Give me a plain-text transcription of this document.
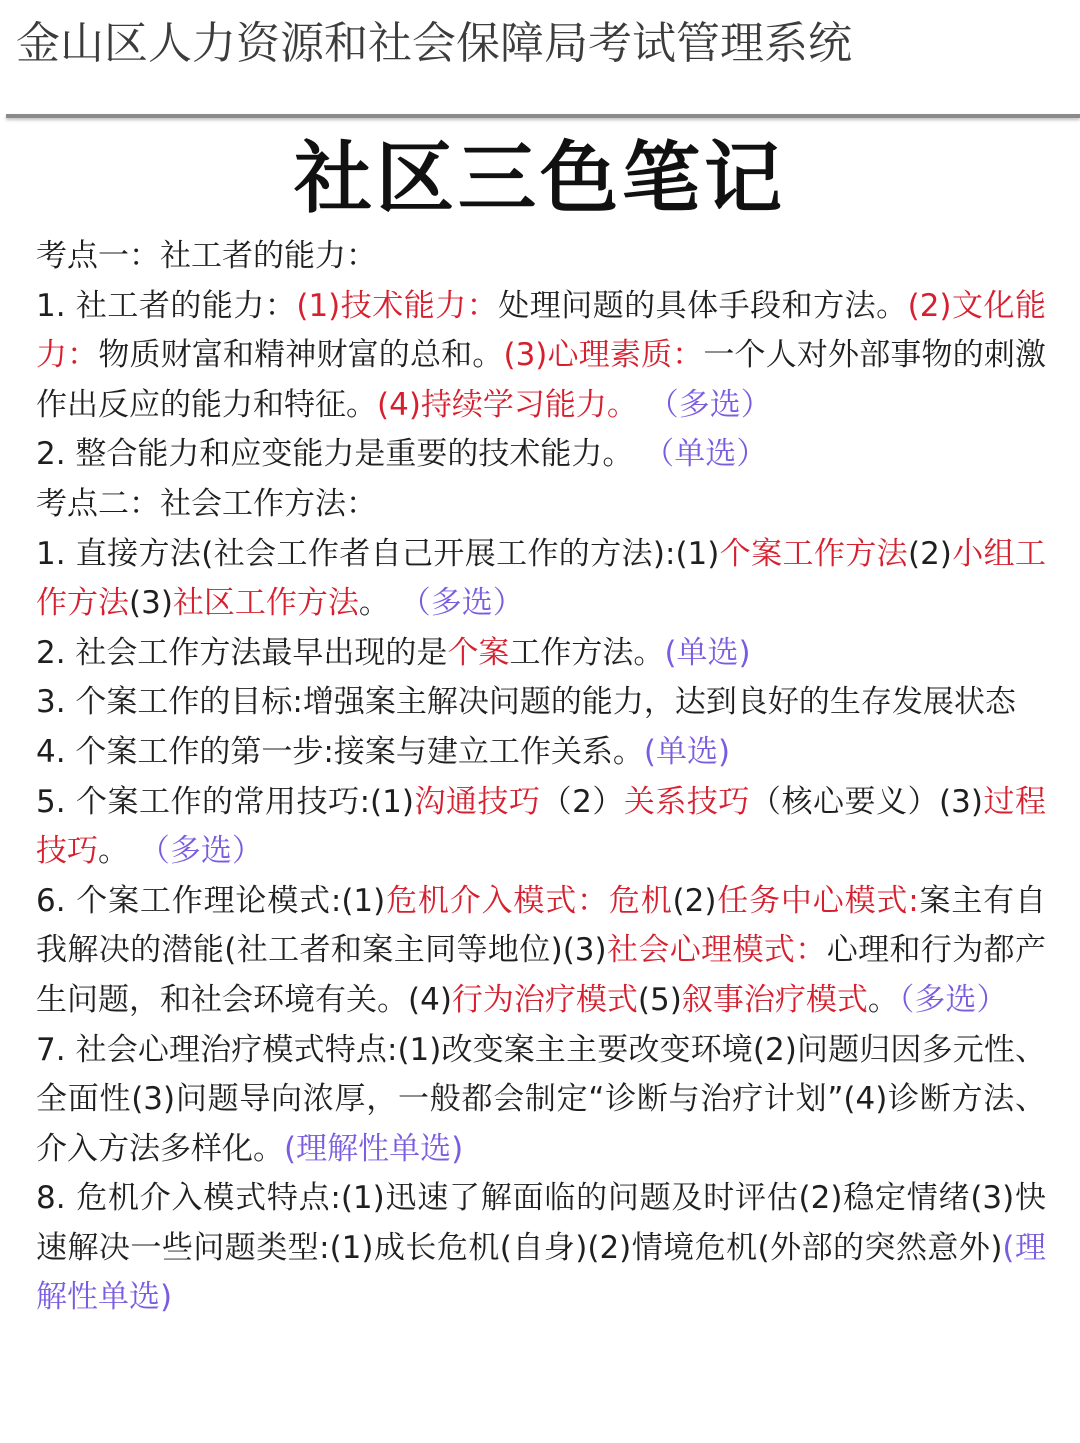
金山区人力资源和社会保障局考试管理系统
社区三色笔记

考点一：社工者的能力：

1. 社工者的能力：(1)技术能力：处理问题的具体手段和方法。(2)文化能力：物质财富和精神财富的总和。(3)心理素质：一个人对外部事物的刺激作出反应的能力和特征。(4)持续学习能力。 （多选）

2. 整合能力和应变能力是重要的技术能力。 （单选）

考点二：社会工作方法：

1. 直接方法(社会工作者自己开展工作的方法):(1)个案工作方法(2)小组工作方法(3)社区工作方法。 （多选）

2. 社会工作方法最早出现的是个案工作方法。(单选)

3. 个案工作的目标:增强案主解决问题的能力，达到良好的生存发展状态

4. 个案工作的第一步:接案与建立工作关系。(单选)

5. 个案工作的常用技巧:(1)沟通技巧（2）关系技巧（核心要义）(3)过程技巧。 （多选）

6. 个案工作理论模式:(1)危机介入模式：危机(2)任务中心模式:案主有自我解决的潜能(社工者和案主同等地位)(3)社会心理模式：心理和行为都产生问题，和社会环境有关。(4)行为治疗模式(5)叙事治疗模式。（多选）

7. 社会心理治疗模式特点:(1)改变案主主要改变环境(2)问题归因多元性、全面性(3)问题导向浓厚，一般都会制定“诊断与治疗计划”(4)诊断方法、介入方法多样化。(理解性单选)

8. 危机介入模式特点:(1)迅速了解面临的问题及时评估(2)稳定情绪(3)快速解决一些问题类型:(1)成长危机(自身)(2)情境危机(外部的突然意外)(理解性单选)
